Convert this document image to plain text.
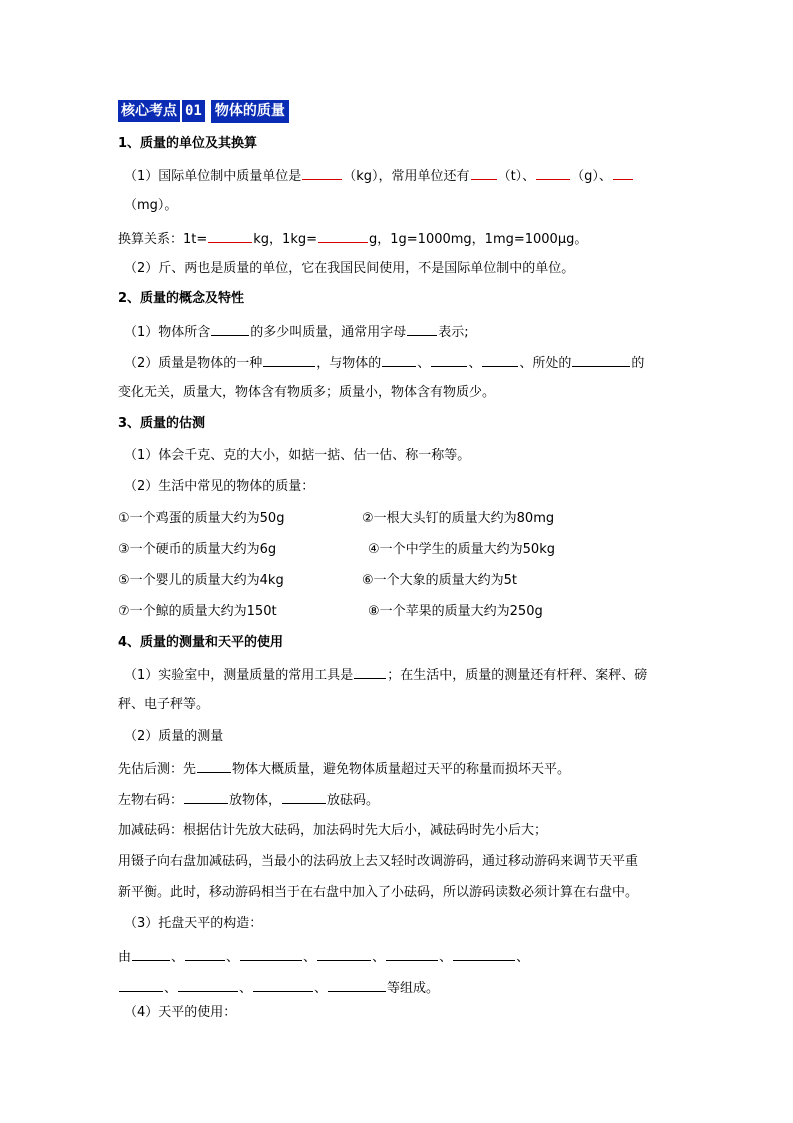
核心考点 01 物体的质量
1、质量的单位及其换算
（1）国际单位制中质量单位是	（kg），常用单位还有 （t）、	（g）、
（mg）。
换算关系：1t=	kg，1kg=	g，1g=1000mg，1mg=1000μg。
（2）斤、两也是质量的单位，它在我国民间使用，不是国际单位制中的单位。
2、质量的概念及特性
（1）物体所含	的多少叫质量，通常用字母 表示;
（2）质量是物体的一种	，与物体的	、	、	、所处的	的
变化无关，质量大，物体含有物质多；质量小，物体含有物质少。
3、质量的估测
（1）体会千克、克的大小，如掂一掂、估一估、称一称等。
（2）生活中常见的物体的质量：
①一个鸡蛋的质量大约为50g	②一根大头钉的质量大约为80mg
③一个硬币的质量大约为6g	④一个中学生的质量大约为50kg
⑤一个婴儿的质量大约为4kg	⑥一个大象的质量大约为5t
⑦一个鲸的质量大约为150t	⑧一个苹果的质量大约为250g
4、质量的测量和天平的使用
（1）实验室中，测量质量的常用工具是	；在生活中，质量的测量还有杆秤、案秤、磅
秤、电子秤等。
（2）质量的测量
先估后测：先	物体大概质量，避免物体质量超过天平的称量而损坏天平。
左物右码：	放物体，	放砝码。
加减砝码：根据估计先放大砝码，加法码时先大后小，减砝码时先小后大；
用镊子向右盘加减砝码，当最小的法码放上去又轻时改调游码，通过移动游码来调节天平重
新平衡。此时，移动游码相当于在右盘中加入了小砝码，所以游码读数必须计算在右盘中。
（3）托盘天平的构造：
由	、	、	、	、	、	、
、	、	、	等组成。
（4）天平的使用：
